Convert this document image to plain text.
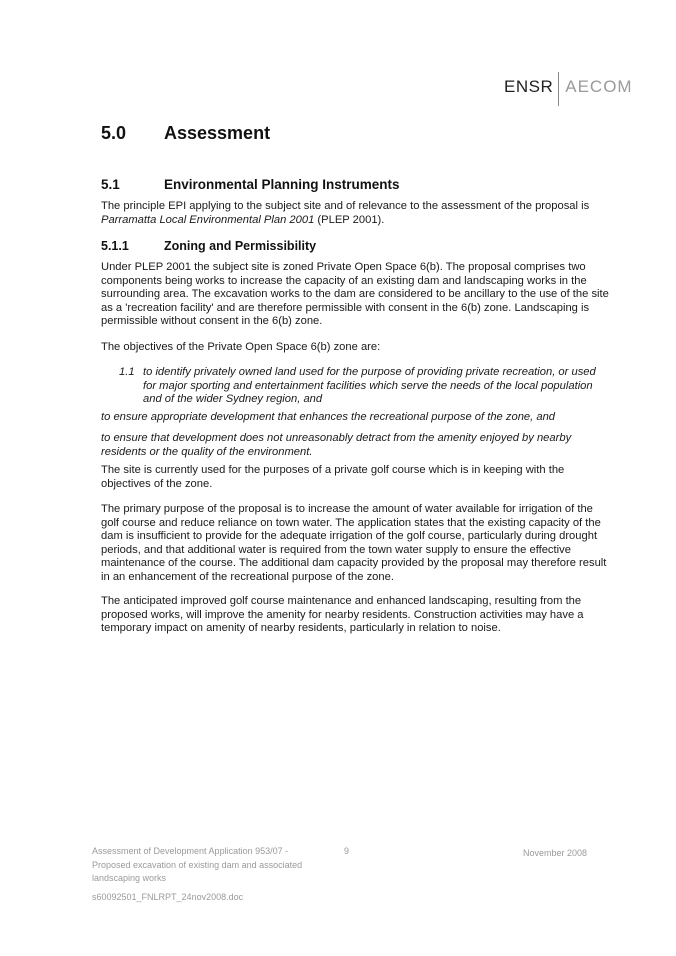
ENSR AECOM
5.0 Assessment
5.1	Environmental Planning Instruments
The principle EPI applying to the subject site and of relevance to the assessment of the proposal is Parramatta Local Environmental Plan 2001 (PLEP 2001).
5.1.1	Zoning and Permissibility
Under PLEP 2001 the subject site is zoned Private Open Space 6(b). The proposal comprises two components being works to increase the capacity of an existing dam and landscaping works in the surrounding area. The excavation works to the dam are considered to be ancillary to the use of the site as a 'recreation facility' and are therefore permissible with consent in the 6(b) zone. Landscaping is permissible without consent in the 6(b) zone.
The objectives of the Private Open Space 6(b) zone are:
1.1 to identify privately owned land used for the purpose of providing private recreation, or used for major sporting and entertainment facilities which serve the needs of the local population and of the wider Sydney region, and
to ensure appropriate development that enhances the recreational purpose of the zone, and
to ensure that development does not unreasonably detract from the amenity enjoyed by nearby residents or the quality of the environment.
The site is currently used for the purposes of a private golf course which is in keeping with the objectives of the zone.
The primary purpose of the proposal is to increase the amount of water available for irrigation of the golf course and reduce reliance on town water. The application states that the existing capacity of the dam is insufficient to provide for the adequate irrigation of the golf course, particularly during drought periods, and that additional water is required from the town water supply to ensure the effective maintenance of the course. The additional dam capacity provided by the proposal may therefore result in an enhancement of the recreational purpose of the zone.
The anticipated improved golf course maintenance and enhanced landscaping, resulting from the proposed works, will improve the amenity for nearby residents. Construction activities may have a temporary impact on amenity of nearby residents, particularly in relation to noise.
Assessment of Development Application 953/07 -
Proposed excavation of existing dam and associated
landscaping works
s60092501_FNLRPT_24nov2008.doc
9	November 2008
